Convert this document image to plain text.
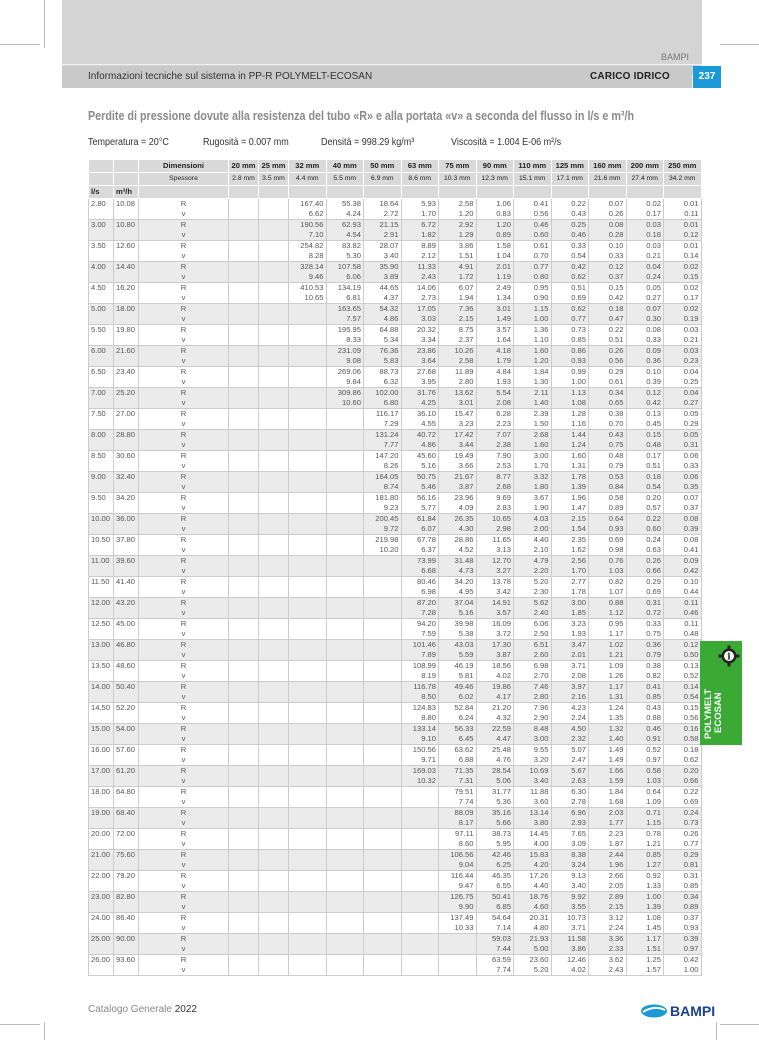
BAMPI
Informazioni tecniche sul sistema in PP-R POLYMELT-ECOSAN	CARICO IDRICO	237
Perdite di pressione dovute alla resistenza del tubo «R» e alla portata «v» a seconda del flusso in l/s e m³/h
Temperatura = 20°C	Rugosità = 0.007 mm	Densità = 998.29 kg/m³	Viscosità = 1.004 E-06 m²/s
		Dimensioni	20 mm	25 mm	32 mm	40 mm	50 mm	63 mm	75 mm	90 mm	110 mm	125 mm	160 mm	200 mm	250 mm
		Spessore	2.8 mm	3.5 mm	4.4 mm	5.5 mm	6.9 mm	8.6 mm	10.3 mm	12.3 mm	15.1 mm	17.1 mm	21.6 mm	27.4 mm	34.2 mm
l/s	m³/h														
2.80	10.08	R			167.40	55.38	18.64	5.93	2.58	1.06	0.41	0.22	0.07	0.02	0.01
		v			6.62	4.24	2.72	1.70	1.20	0.83	0.56	0.43	0.26	0.17	0.11
3.00	10.80	R			190.56	62.93	21.15	6.72	2.92	1.20	0.46	0.25	0.08	0.03	0.01
		v			7.10	4.54	2.91	1.82	1.29	0.89	0.60	0.46	0.28	0.18	0.12
3.50	12.60	R			254.82	83.82	28.07	8.89	3.86	1.58	0.61	0.33	0.10	0.03	0.01
		v			8.28	5.30	3.40	2.12	1.51	1.04	0.70	0.54	0.33	0.21	0.14
4.00	14.40	R			328.14	107.58	35.90	11.33	4.91	2.01	0.77	0.42	0.12	0.04	0.02
		v			9.46	6.06	3.89	2.43	1.72	1.19	0.80	0.62	0.37	0.24	0.15
4.50	16.20	R			410.53	134.19	44.65	14.06	6.07	2.49	0.95	0.51	0.15	0.05	0.02
		v			10.65	6.81	4.37	2.73	1.94	1.34	0.90	0.69	0.42	0.27	0.17
5.00	18.00	R				163.65	54.32	17.05	7.36	3.01	1.15	0.62	0.18	0.07	0.02
		v				7.57	4.86	3.03	2.15	1.49	1.00	0.77	0.47	0.30	0.19
5.50	19.80	R				195.95	64.88	20.32	8.75	3.57	1.36	0.73	0.22	0.08	0.03
		v				8.33	5.34	3.34	2.37	1.64	1.10	0.85	0.51	0.33	0.21
6.00	21.60	R				231.09	76.36	23.86	10.26	4.18	1.60	0.86	0.26	0.09	0.03
		v				9.08	5.83	3.64	2.58	1.79	1.20	0.93	0.56	0.36	0.23
6.50	23.40	R				269.06	88.73	27.68	11.89	4.84	1.84	0.99	0.29	0.10	0.04
		v				9.84	6.32	3.95	2.80	1.93	1.30	1.00	0.61	0.39	0.25
7.00	25.20	R				309.86	102.00	31.76	13.62	5.54	2.11	1.13	0.34	0.12	0.04
		v				10.60	6.80	4.25	3.01	2.08	1.40	1.08	0.65	0.42	0.27
7.50	27.00	R					116.17	36.10	15.47	6.28	2.39	1.28	0.38	0.13	0.05
		v					7.29	4.55	3.23	2.23	1.50	1.16	0.70	0.45	0.29
8.00	28.80	R					131.24	40.72	17.42	7.07	2.68	1.44	0.43	0.15	0.05
		v					7.77	4.86	3.44	2.38	1.60	1.24	0.75	0.48	0.31
8.50	30.60	R					147.20	45.60	19.49	7.90	3.00	1.60	0.48	0.17	0.06
		v					8.26	5.16	3.66	2.53	1.70	1.31	0.79	0.51	0.33
9.00	32.40	R					164.05	50.75	21.67	8.77	3.32	1.78	0.53	0.18	0.06
		v					8.74	5.46	3.87	2.68	1.80	1.39	0.84	0.54	0.35
9.50	34.20	R					181.80	56.16	23.96	9.69	3.67	1.96	0.58	0.20	0.07
		v					9.23	5.77	4.09	2.83	1.90	1.47	0.89	0.57	0.37
10.00	36.00	R					200.45	61.84	26.35	10.65	4.03	2.15	0.64	0.22	0.08
		v					9.72	6.07	4.30	2.98	2.00	1.54	0.93	0.60	0.39
10.50	37.80	R					219.98	67.78	28.86	11.65	4.40	2.35	0.69	0.24	0.08
		v					10.20	6.37	4.52	3.13	2.10	1.62	0.98	0.63	0.41
11.00	39.60	R						73.99	31.48	12.70	4.79	2.56	0.76	0.26	0.09
		v						6.68	4.73	3.27	2.20	1.70	1.03	0.66	0.42
11.50	41.40	R						80.46	34.20	13.78	5.20	2.77	0.82	0.29	0.10
		v						6.98	4.95	3.42	2.30	1.78	1.07	0.69	0.44
12.00	43.20	R						87.20	37.04	14.91	5.62	3.00	0.88	0.31	0.11
		v						7.28	5.16	3.57	2.40	1.85	1.12	0.72	0.46
12.50	45.00	R						94.20	39.98	16.09	6.06	3.23	0.95	0.33	0.11
		v						7.59	5.38	3.72	2.50	1.93	1.17	0.75	0.48
13.00	46.80	R						101.46	43.03	17.30	6.51	3.47	1.02	0.36	0.12
		v						7.89	5.59	3.87	2.60	2.01	1.21	0.79	0.50
13.50	48.60	R						108.99	46.19	18.56	6.98	3.71	1.09	0.38	0.13
		v						8.19	5.81	4.02	2.70	2.08	1.26	0.82	0.52
14.00	50.40	R						116.78	49.46	19.86	7.46	3.97	1.17	0.41	0.14
		v						8.50	6.02	4.17	2.80	2.16	1.31	0.85	0.54
14.50	52.20	R						124.83	52.84	21.20	7.96	4.23	1.24	0.43	0.15
		v						8.80	6.24	4.32	2.90	2.24	1.35	0.88	0.56
15.00	54.00	R						133.14	56.33	22.59	8.48	4.50	1.32	0.46	0.16
		v						9.10	6.45	4.47	3.00	2.32	1.40	0.91	0.58
16.00	57.60	R						150.56	63.62	25.48	9.55	5.07	1.49	0.52	0.18
		v						9.71	6.88	4.76	3.20	2.47	1.49	0.97	0.62
17.00	61.20	R						169.03	71.35	28.54	10.69	5.67	1.66	0.58	0.20
		v						10.32	7.31	5.06	3.40	2.63	1.59	1.03	0.66
18.00	64.80	R							79.51	31.77	11.88	6.30	1.84	0.64	0.22
		v							7.74	5.36	3.60	2.78	1.68	1.09	0.69
19.00	68.40	R							88.09	35.16	13.14	6.96	2.03	0.71	0.24
		v							8.17	5.66	3.80	2.93	1.77	1.15	0.73
20.00	72.00	R							97.11	38.73	14.45	7.65	2.23	0.78	0.26
		v							8.60	5.95	4.00	3.09	1.87	1.21	0.77
21.00	75.60	R							106.56	42.46	15.83	8.38	2.44	0.85	0.29
		v							9.04	6.25	4.20	3.24	1.96	1.27	0.81
22.00	79.20	R							116.44	46.35	17.26	9.13	2.66	0.92	0.31
		v							9.47	6.55	4.40	3.40	2.05	1.33	0.85
23.00	82.80	R							126.75	50.41	18.76	9.92	2.89	1.00	0.34
		v							9.90	6.85	4.60	3.55	2.15	1.39	0.89
24.00	86.40	R							137.49	54.64	20.31	10.73	3.12	1.08	0.37
		v							10.33	7.14	4.80	3.71	2.24	1.45	0.93
25.00	90.00	R								59.03	21.93	11.58	3.36	1.17	0.39
		v								7.44	5.00	3.86	2.33	1.51	0.97
26.00	93.60	R								63.59	23.60	12.46	3.62	1.25	0.42
		v								7.74	5.20	4.02	2.43	1.57	1.00
i
POLYMELT ECOSAN
Catalogo Generale 2022	BAMPI
